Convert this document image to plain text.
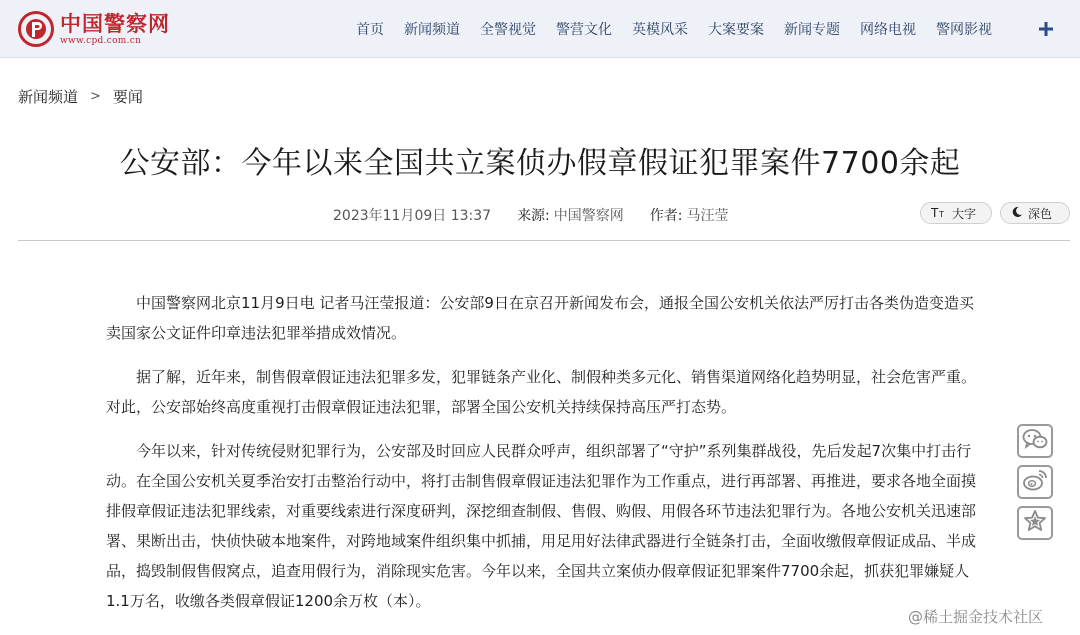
中国警察网
www.cpd.com.cn
首页 新闻频道 全警视觉 警营文化 英模风采 大案要案 新闻专题 网络电视 警网影视
新闻频道 > 要闻
公安部：今年以来全国共立案侦办假章假证犯罪案件7700余起
2023年11月09日 13:37 来源: 中国警察网 作者: 马汪莹	T T 大字	深色

中国警察网北京11月9日电 记者马汪莹报道：公安部9日在京召开新闻发布会，通报全国公安机关依法严厉打击各类伪造变造买卖国家公文证件印章违法犯罪举措成效情况。

据了解，近年来，制售假章假证违法犯罪多发，犯罪链条产业化、制假种类多元化、销售渠道网络化趋势明显，社会危害严重。对此，公安部始终高度重视打击假章假证违法犯罪，部署全国公安机关持续保持高压严打态势。

今年以来，针对传统侵财犯罪行为，公安部及时回应人民群众呼声，组织部署了“守护”系列集群战役，先后发起7次集中打击行动。在全国公安机关夏季治安打击整治行动中，将打击制售假章假证违法犯罪作为工作重点，进行再部署、再推进，要求各地全面摸排假章假证违法犯罪线索，对重要线索进行深度研判，深挖细查制假、售假、购假、用假各环节违法犯罪行为。各地公安机关迅速部署、果断出击，快侦快破本地案件，对跨地域案件组织集中抓捕，用足用好法律武器进行全链条打击，全面收缴假章假证成品、半成品，捣毁制假售假窝点，追查用假行为，消除现实危害。今年以来，全国共立案侦办假章假证犯罪案件7700余起，抓获犯罪嫌疑人1.1万名，收缴各类假章假证1200余万枚（本）。

@稀土掘金技术社区
